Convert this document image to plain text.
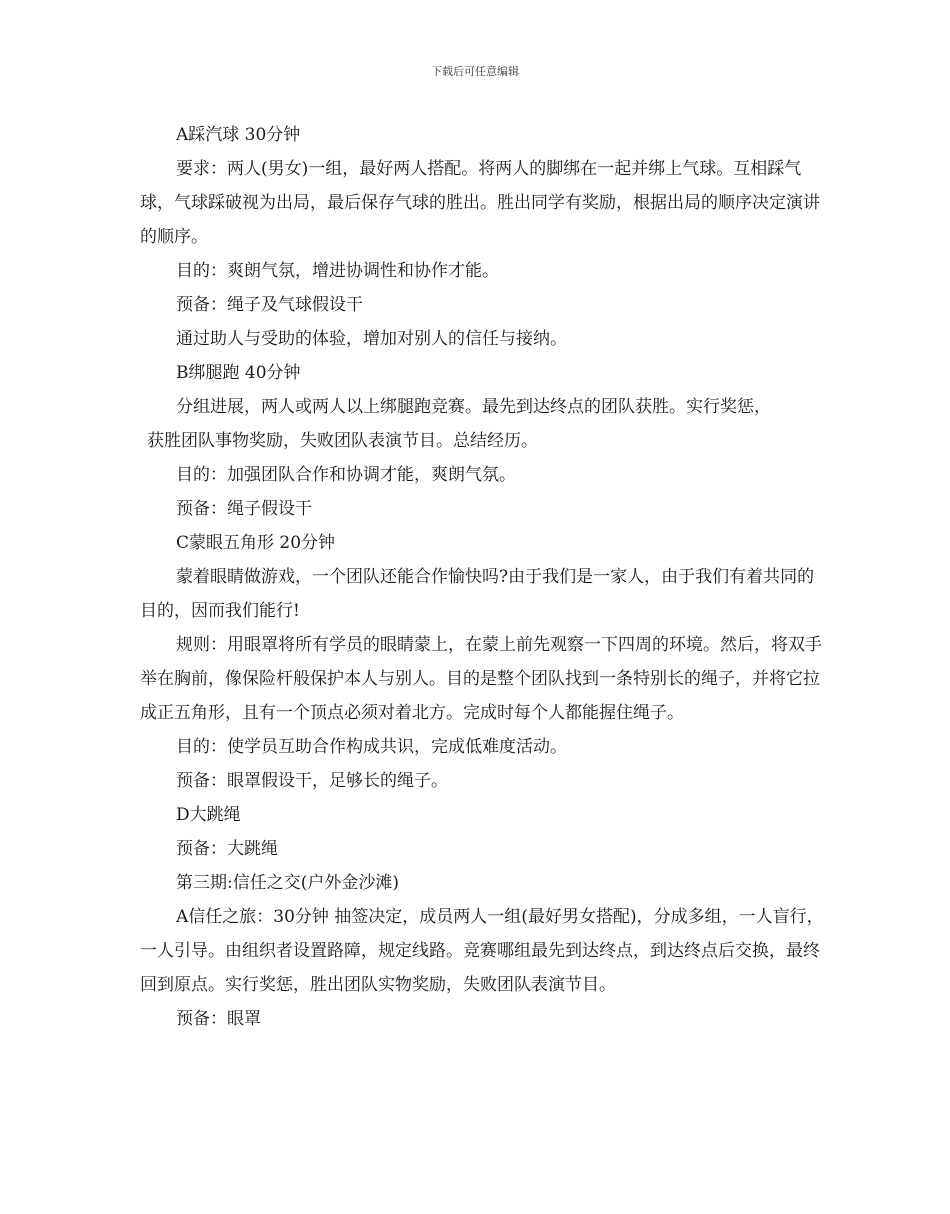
下载后可任意编辑

A踩汽球 30分钟

要求：两人(男女)一组，最好两人搭配。将两人的脚绑在一起并绑上气球。互相踩气球，气球踩破视为出局，最后保存气球的胜出。胜出同学有奖励，根据出局的顺序决定演讲的顺序。

目的：爽朗气氛，增进协调性和协作才能。

预备：绳子及气球假设干

通过助人与受助的体验，增加对别人的信任与接纳。

B绑腿跑 40分钟

分组进展，两人或两人以上绑腿跑竞赛。最先到达终点的团队获胜。实行奖惩，

获胜团队事物奖励，失败团队表演节目。总结经历。

目的：加强团队合作和协调才能，爽朗气氛。

预备：绳子假设干

C蒙眼五角形 20分钟

蒙着眼睛做游戏，一个团队还能合作愉快吗?由于我们是一家人，由于我们有着共同的目的，因而我们能行!

规则：用眼罩将所有学员的眼睛蒙上，在蒙上前先观察一下四周的环境。然后，将双手举在胸前，像保险杆般保护本人与别人。目的是整个团队找到一条特别长的绳子，并将它拉成正五角形，且有一个顶点必须对着北方。完成时每个人都能握住绳子。

目的：使学员互助合作构成共识，完成低难度活动。

预备：眼罩假设干，足够长的绳子。

D大跳绳

预备：大跳绳

第三期:信任之交(户外金沙滩)

A信任之旅：30分钟 抽签决定，成员两人一组(最好男女搭配)，分成多组，一人盲行，一人引导。由组织者设置路障，规定线路。竞赛哪组最先到达终点，到达终点后交换，最终回到原点。实行奖惩，胜出团队实物奖励，失败团队表演节目。

预备：眼罩
